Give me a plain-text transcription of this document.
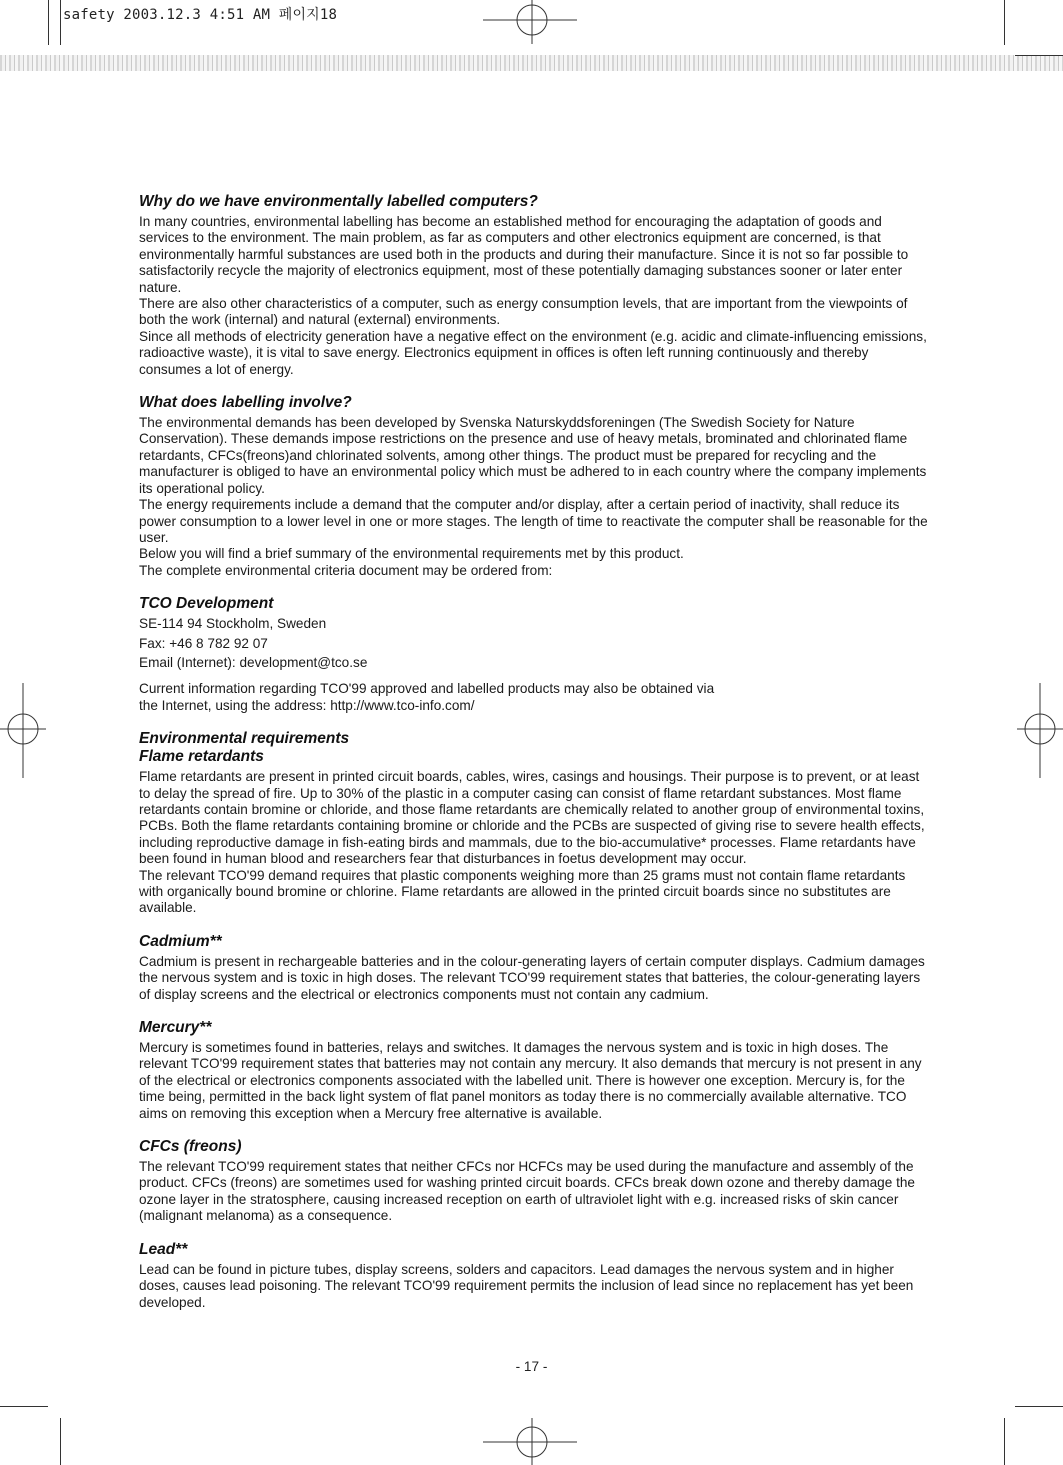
safety 2003.12.3 4:51 AM 페이지18
Why do we have environmentally labelled computers?

In many countries, environmental labelling has become an established method for encouraging the adaptation of goods and services to the environment. The main problem, as far as computers and other electronics equipment are concerned, is that environmentally harmful substances are used both in the products and during their manufacture. Since it is not so far possible to satisfactorily recycle the majority of electronics equipment, most of these potentially damaging substances sooner or later enter nature.

There are also other characteristics of a computer, such as energy consumption levels, that are important from the viewpoints of both the work (internal) and natural (external) environments.

Since all methods of electricity generation have a negative effect on the environment (e.g. acidic and climate-influencing emissions, radioactive waste), it is vital to save energy. Electronics equipment in offices is often left running continuously and thereby consumes a lot of energy.

What does labelling involve?

The environmental demands has been developed by Svenska Naturskyddsforeningen (The Swedish Society for Nature Conservation). These demands impose restrictions on the presence and use of heavy metals, brominated and chlorinated flame retardants, CFCs(freons)and chlorinated solvents, among other things. The product must be prepared for recycling and the manufacturer is obliged to have an environmental policy which must be adhered to in each country where the company implements its operational policy.

The energy requirements include a demand that the computer and/or display, after a certain period of inactivity, shall reduce its power consumption to a lower level in one or more stages. The length of time to reactivate the computer shall be reasonable for the user.

Below you will find a brief summary of the environmental requirements met by this product.

The complete environmental criteria document may be ordered from:

TCO Development

SE-114 94 Stockholm, Sweden

Fax: +46 8 782 92 07

Email (Internet): development@tco.se

Current information regarding TCO'99 approved and labelled products may also be obtained via

the Internet, using the address: http://www.tco-info.com/

Environmental requirements
Flame retardants

Flame retardants are present in printed circuit boards, cables, wires, casings and housings. Their purpose is to prevent, or at least to delay the spread of fire. Up to 30% of the plastic in a computer casing can consist of flame retardant substances. Most flame retardants contain bromine or chloride, and those flame retardants are chemically related to another group of environmental toxins, PCBs. Both the flame retardants containing bromine or chloride and the PCBs are suspected of giving rise to severe health effects, including reproductive damage in fish-eating birds and mammals, due to the bio-accumulative* processes. Flame retardants have been found in human blood and researchers fear that disturbances in foetus development may occur.

The relevant TCO'99 demand requires that plastic components weighing more than 25 grams must not contain flame retardants with organically bound bromine or chlorine. Flame retardants are allowed in the printed circuit boards since no substitutes are available.

Cadmium**

Cadmium is present in rechargeable batteries and in the colour-generating layers of certain computer displays. Cadmium damages the nervous system and is toxic in high doses. The relevant TCO'99 requirement states that batteries, the colour-generating layers of display screens and the electrical or electronics components must not contain any cadmium.

Mercury**

Mercury is sometimes found in batteries, relays and switches. It damages the nervous system and is toxic in high doses. The relevant TCO'99 requirement states that batteries may not contain any mercury. It also demands that mercury is not present in any of the electrical or electronics components associated with the labelled unit. There is however one exception. Mercury is, for the time being, permitted in the back light system of flat panel monitors as today there is no commercially available alternative. TCO aims on removing this exception when a Mercury free alternative is available.

CFCs (freons)

The relevant TCO'99 requirement states that neither CFCs nor HCFCs may be used during the manufacture and assembly of the product. CFCs (freons) are sometimes used for washing printed circuit boards. CFCs break down ozone and thereby damage the ozone layer in the stratosphere, causing increased reception on earth of ultraviolet light with e.g. increased risks of skin cancer (malignant melanoma) as a consequence.

Lead**

Lead can be found in picture tubes, display screens, solders and capacitors. Lead damages the nervous system and in higher doses, causes lead poisoning. The relevant TCO'99 requirement permits the inclusion of lead since no replacement has yet been developed.

- 17 -
